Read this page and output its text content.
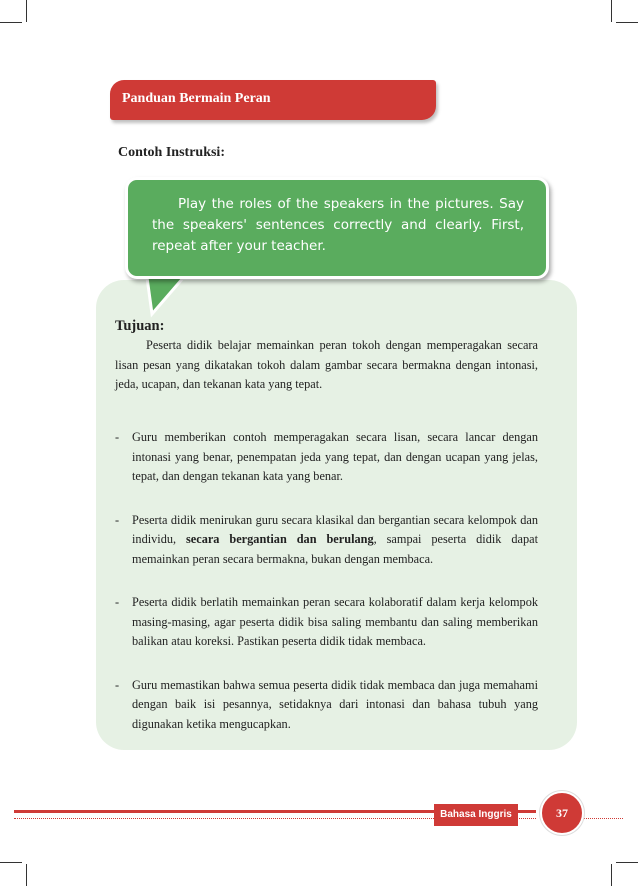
Panduan Bermain Peran
Contoh Instruksi:
Play the roles of the speakers in the pictures. Say the speakers' sentences correctly and clearly. First, repeat after your teacher.
Tujuan:
Peserta didik belajar memainkan peran tokoh dengan memperagakan secara lisan pesan yang dikatakan tokoh dalam gambar secara bermakna dengan intonasi, jeda, ucapan, dan tekanan kata yang tepat.
- Guru memberikan contoh memperagakan secara lisan, secara lancar dengan intonasi yang benar, penempatan jeda yang tepat, dan dengan ucapan yang jelas, tepat, dan dengan tekanan kata yang benar.
- Peserta didik menirukan guru secara klasikal dan bergantian secara kelompok dan individu, secara bergantian dan berulang, sampai peserta didik dapat memainkan peran secara bermakna, bukan dengan membaca.
- Peserta didik berlatih memainkan peran secara kolaboratif dalam kerja kelompok masing-masing, agar peserta didik bisa saling membantu dan saling memberikan balikan atau koreksi. Pastikan peserta didik tidak membaca.
- Guru memastikan bahwa semua peserta didik tidak membaca dan juga memahami dengan baik isi pesannya, setidaknya dari intonasi dan bahasa tubuh yang digunakan ketika mengucapkan.
Bahasa Inggris	37
